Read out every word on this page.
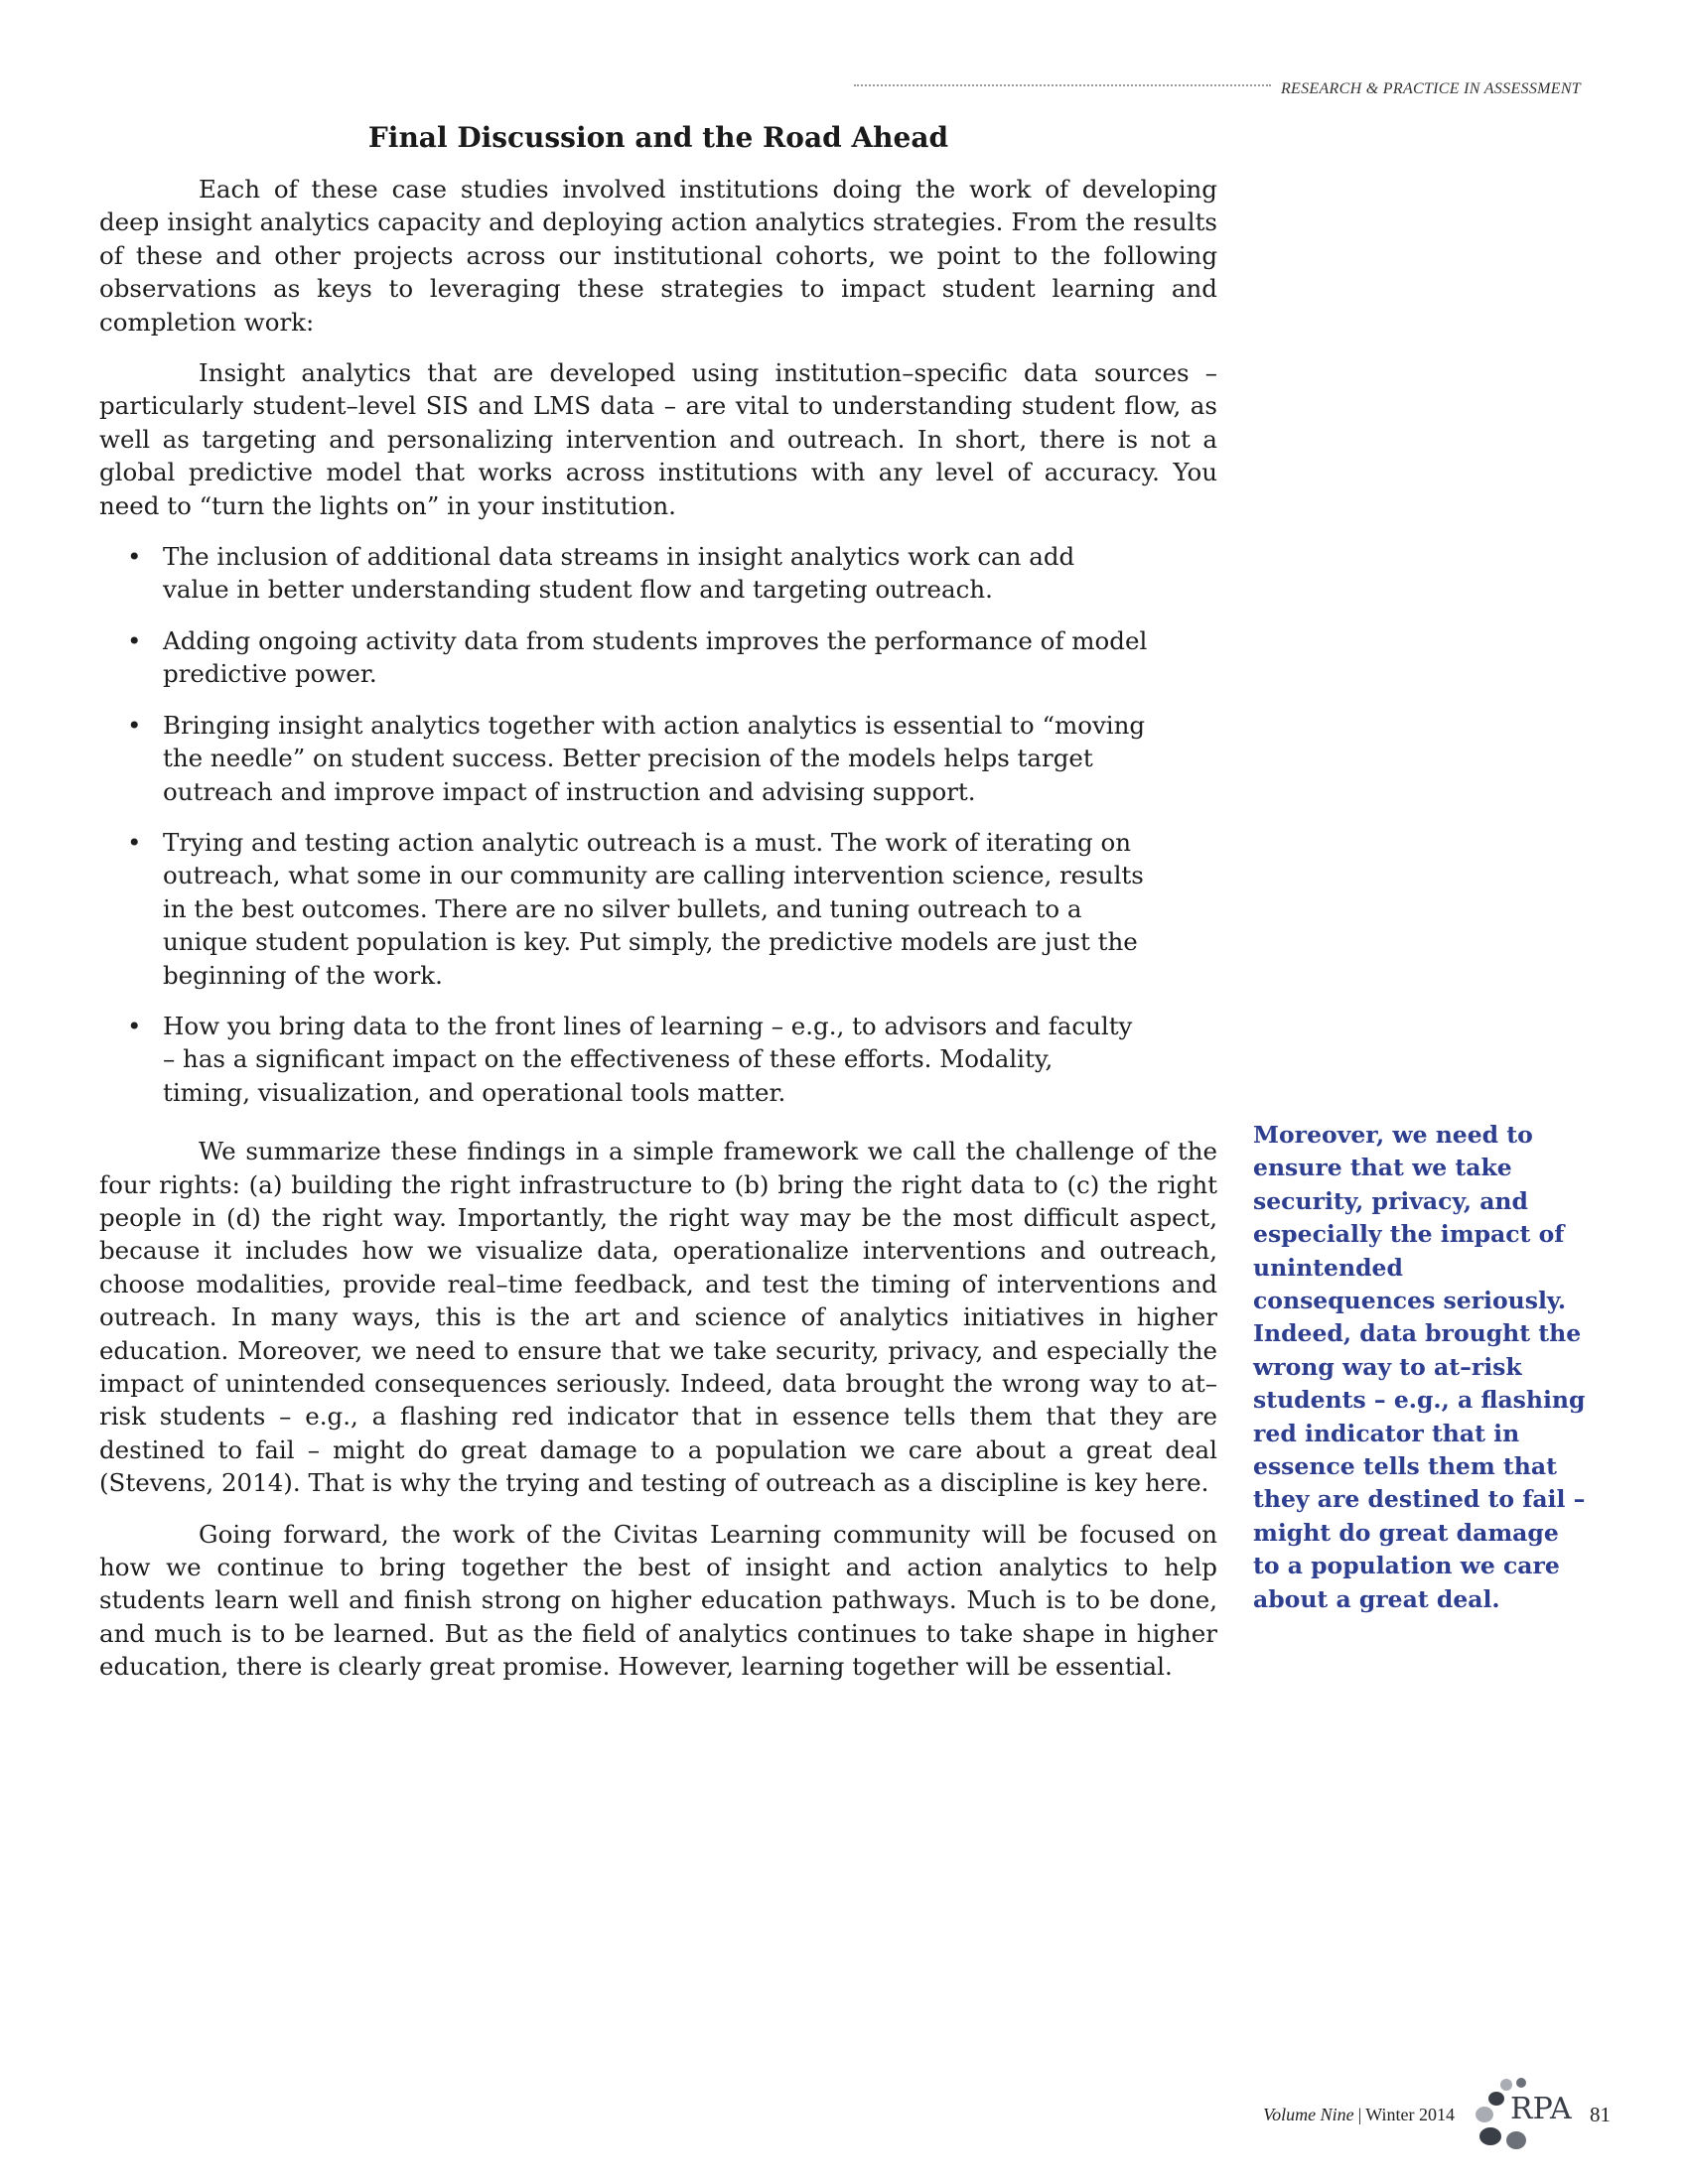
RESEARCH & PRACTICE IN ASSESSMENT
Final Discussion and the Road Ahead

Each of these case studies involved institutions doing the work of developing deep insight analytics capacity and deploying action analytics strategies. From the results of these and other projects across our institutional cohorts, we point to the following observations as keys to leveraging these strategies to impact student learning and completion work:

Insight analytics that are developed using institution–specific data sources – particularly student–level SIS and LMS data – are vital to understanding student flow, as well as targeting and personalizing intervention and outreach. In short, there is not a global predictive model that works across institutions with any level of accuracy. You need to “turn the lights on” in your institution.

• The inclusion of additional data streams in insight analytics work can add value in better understanding student flow and targeting outreach.
• Adding ongoing activity data from students improves the performance of model predictive power.
• Bringing insight analytics together with action analytics is essential to “moving the needle” on student success. Better precision of the models helps target outreach and improve impact of instruction and advising support.
• Trying and testing action analytic outreach is a must. The work of iterating on outreach, what some in our community are calling intervention science, results in the best outcomes. There are no silver bullets, and tuning outreach to a unique student population is key. Put simply, the predictive models are just the beginning of the work.
• How you bring data to the front lines of learning – e.g., to advisors and faculty – has a significant impact on the effectiveness of these efforts. Modality, timing, visualization, and operational tools matter.

We summarize these findings in a simple framework we call the challenge of the four rights: (a) building the right infrastructure to (b) bring the right data to (c) the right people in (d) the right way. Importantly, the right way may be the most difficult aspect, because it includes how we visualize data, operationalize interventions and outreach, choose modalities, provide real–time feedback, and test the timing of interventions and outreach. In many ways, this is the art and science of analytics initiatives in higher education. Moreover, we need to ensure that we take security, privacy, and especially the impact of unintended consequences seriously. Indeed, data brought the wrong way to at–risk students – e.g., a flashing red indicator that in essence tells them that they are destined to fail – might do great damage to a population we care about a great deal (Stevens, 2014). That is why the trying and testing of outreach as a discipline is key here.

Going forward, the work of the Civitas Learning community will be focused on how we continue to bring together the best of insight and action analytics to help students learn well and finish strong on higher education pathways. Much is to be done, and much is to be learned. But as the field of analytics continues to take shape in higher education, there is clearly great promise. However, learning together will be essential.

Moreover, we need to ensure that we take security, privacy, and especially the impact of unintended consequences seriously. Indeed, data brought the wrong way to at–risk students – e.g., a flashing red indicator that in essence tells them that they are destined to fail – might do great damage to a population we care about a great deal.

Volume Nine | Winter 2014 RPA 81
